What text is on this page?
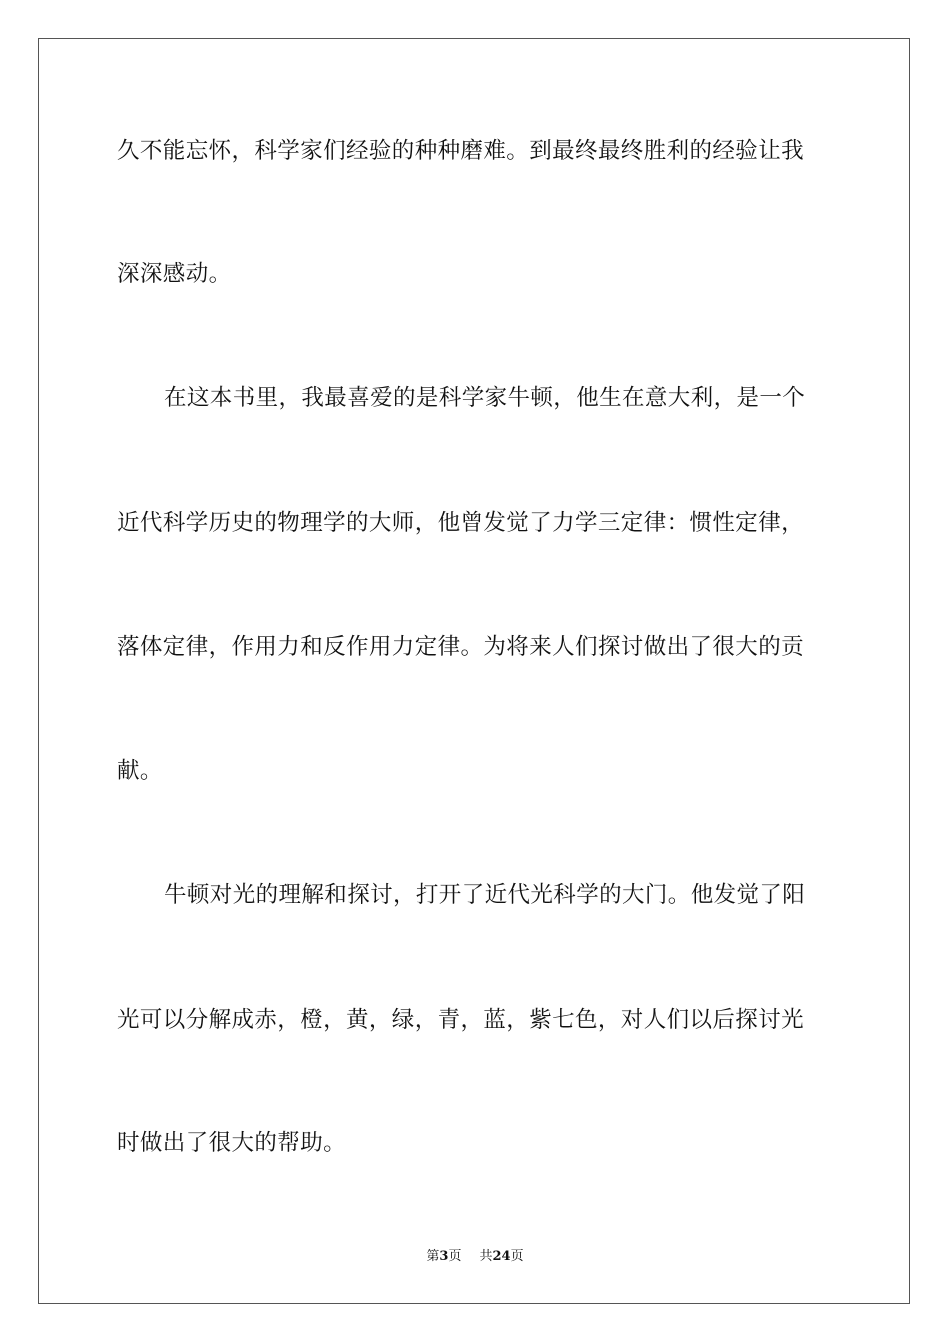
久不能忘怀，科学家们经验的种种磨难。到最终最终胜利的经验让我
深深感动。
在这本书里，我最喜爱的是科学家牛顿，他生在意大利，是一个
近代科学历史的物理学的大师，他曾发觉了力学三定律：惯性定律，
落体定律，作用力和反作用力定律。为将来人们探讨做出了很大的贡
献。
牛顿对光的理解和探讨，打开了近代光科学的大门。他发觉了阳
光可以分解成赤，橙，黄，绿，青，蓝，紫七色，对人们以后探讨光
时做出了很大的帮助。
第3页 共24页
